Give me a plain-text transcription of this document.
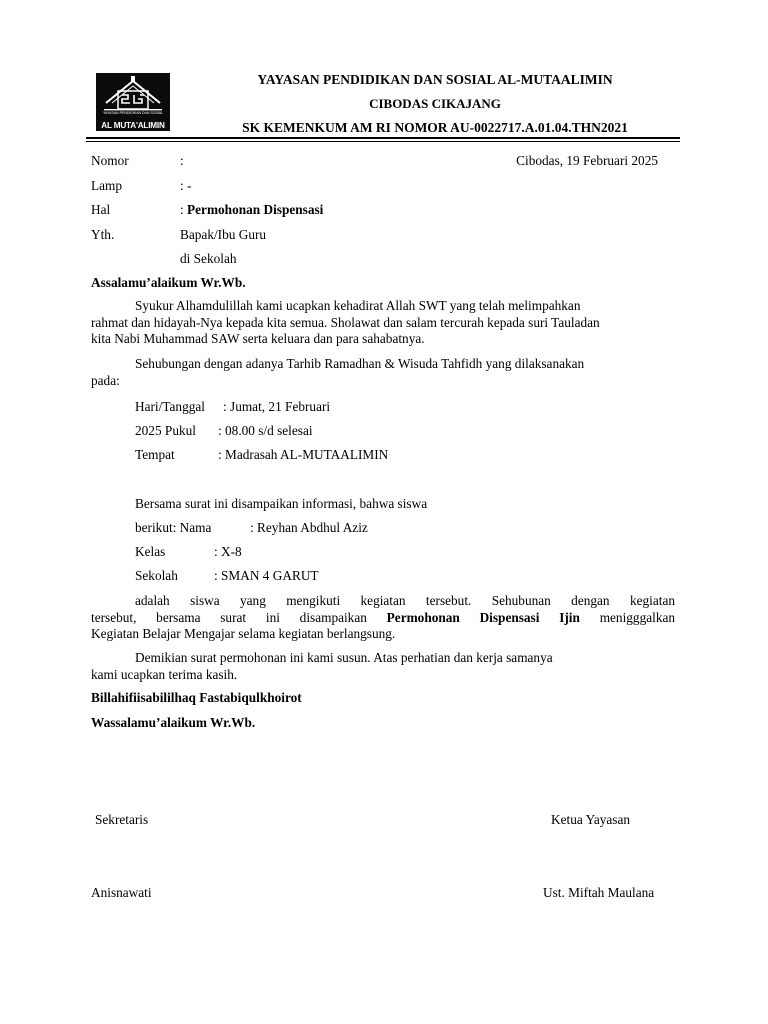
YAYASAN PENDIDIKAN DAN SOSIAL
AL MUTA'ALIMIN
YAYASAN PENDIDIKAN DAN SOSIAL AL-MUTAALIMIN
CIBODAS CIKAJANG
SK KEMENKUM AM RI NOMOR AU-0022717.A.01.04.THN2021
Nomor	:	Cibodas, 19 Februari 2025
Lamp	: -
Hal	: Permohonan Dispensasi
Yth.	Bapak/Ibu Guru
di Sekolah
Assalamu’alaikum Wr.Wb.
Syukur Alhamdulillah kami ucapkan kehadirat Allah SWT yang telah melimpahkan
rahmat dan hidayah-Nya kepada kita semua. Sholawat dan salam tercurah kepada suri Tauladan
kita Nabi Muhammad SAW serta keluara dan para sahabatnya.
Sehubungan dengan adanya Tarhib Ramadhan & Wisuda Tahfidh yang dilaksanakan
pada:
Hari/Tanggal : Jumat, 21 Februari
2025 Pukul : 08.00 s/d selesai
Tempat	: Madrasah AL-MUTAALIMIN
Bersama surat ini disampaikan informasi, bahwa siswa
berikut: Nama	: Reyhan Abdhul Aziz
Kelas	: X-8
Sekolah	: SMAN 4 GARUT
adalah siswa yang mengikuti kegiatan tersebut. Sehubunan dengan kegiatan
tersebut, bersama surat ini disampaikan Permohonan Dispensasi Ijin menigggalkan
Kegiatan Belajar Mengajar selama kegiatan berlangsung.
Demikian surat permohonan ini kami susun. Atas perhatian dan kerja samanya
kami ucapkan terima kasih.
Billahifiisabililhaq Fastabiqulkhoirot
Wassalamu’alaikum Wr.Wb.
Sekretaris	Ketua Yayasan
Anisnawati	Ust. Miftah Maulana
